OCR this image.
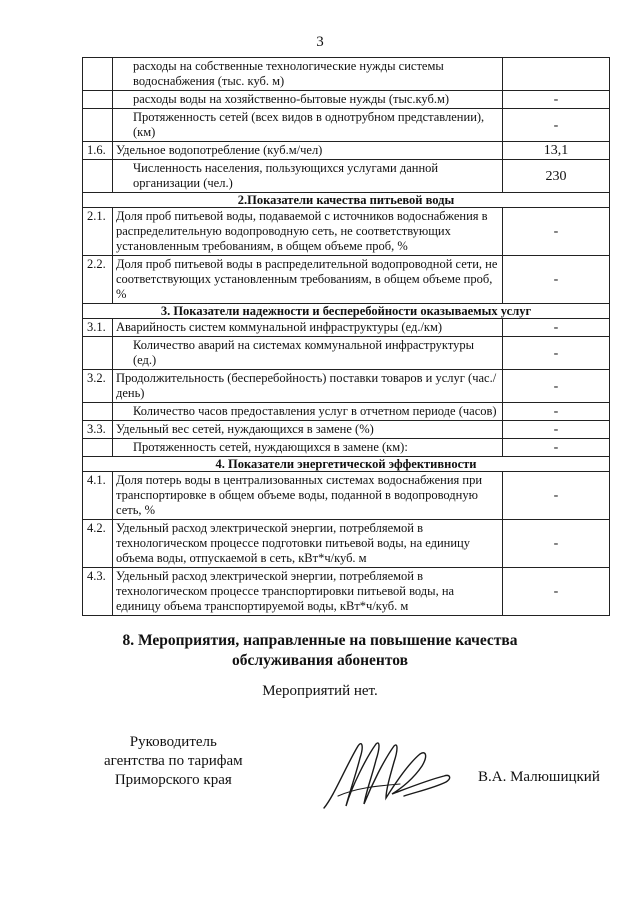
3
	расходы на собственные технологические нужды системы водоснабжения (тыс. куб. м)	
	расходы воды на хозяйственно-бытовые нужды (тыс.куб.м)	-
	Протяженность сетей (всех видов в однотрубном представлении), (км)	-
1.6.	Удельное водопотребление (куб.м/чел)	13,1
	Численность населения, пользующихся услугами данной организации (чел.)	230
2.Показатели качества питьевой воды		
2.1.	Доля проб питьевой воды, подаваемой с источников водоснабжения в распределительную водопроводную сеть, не соответствующих установленным требованиям, в общем объеме проб, %	-
2.2.	Доля проб питьевой воды в распределительной водопроводной сети, не соответствующих установленным требованиям, в общем объеме проб, %	-
3. Показатели надежности и бесперебойности оказываемых услуг		
3.1.	Аварийность систем коммунальной инфраструктуры (ед./км)	-
	Количество аварий на системах коммунальной инфраструктуры (ед.)	-
3.2.	Продолжительность (бесперебойность) поставки товаров и услуг (час./день)	-
	Количество часов предоставления услуг в отчетном периоде (часов)	-
3.3.	Удельный вес сетей, нуждающихся в замене (%)	-
	Протяженность сетей, нуждающихся в замене (км):	-
4. Показатели энергетической эффективности		
4.1.	Доля потерь воды в централизованных системах водоснабжения при транспортировке в общем объеме воды, поданной в водопроводную сеть, %	-
4.2.	Удельный расход электрической энергии, потребляемой в технологическом процессе подготовки питьевой воды, на единицу объема воды, отпускаемой в сеть, кВт*ч/куб. м	-
4.3.	Удельный расход электрической энергии, потребляемой в технологическом процессе транспортировки питьевой воды, на единицу объема транспортируемой воды, кВт*ч/куб. м	-
8. Мероприятия, направленные на повышение качества
обслуживания абонентов
Мероприятий нет.
Руководитель
агентства по тарифам
Приморского края	В.А. Малюшицкий
